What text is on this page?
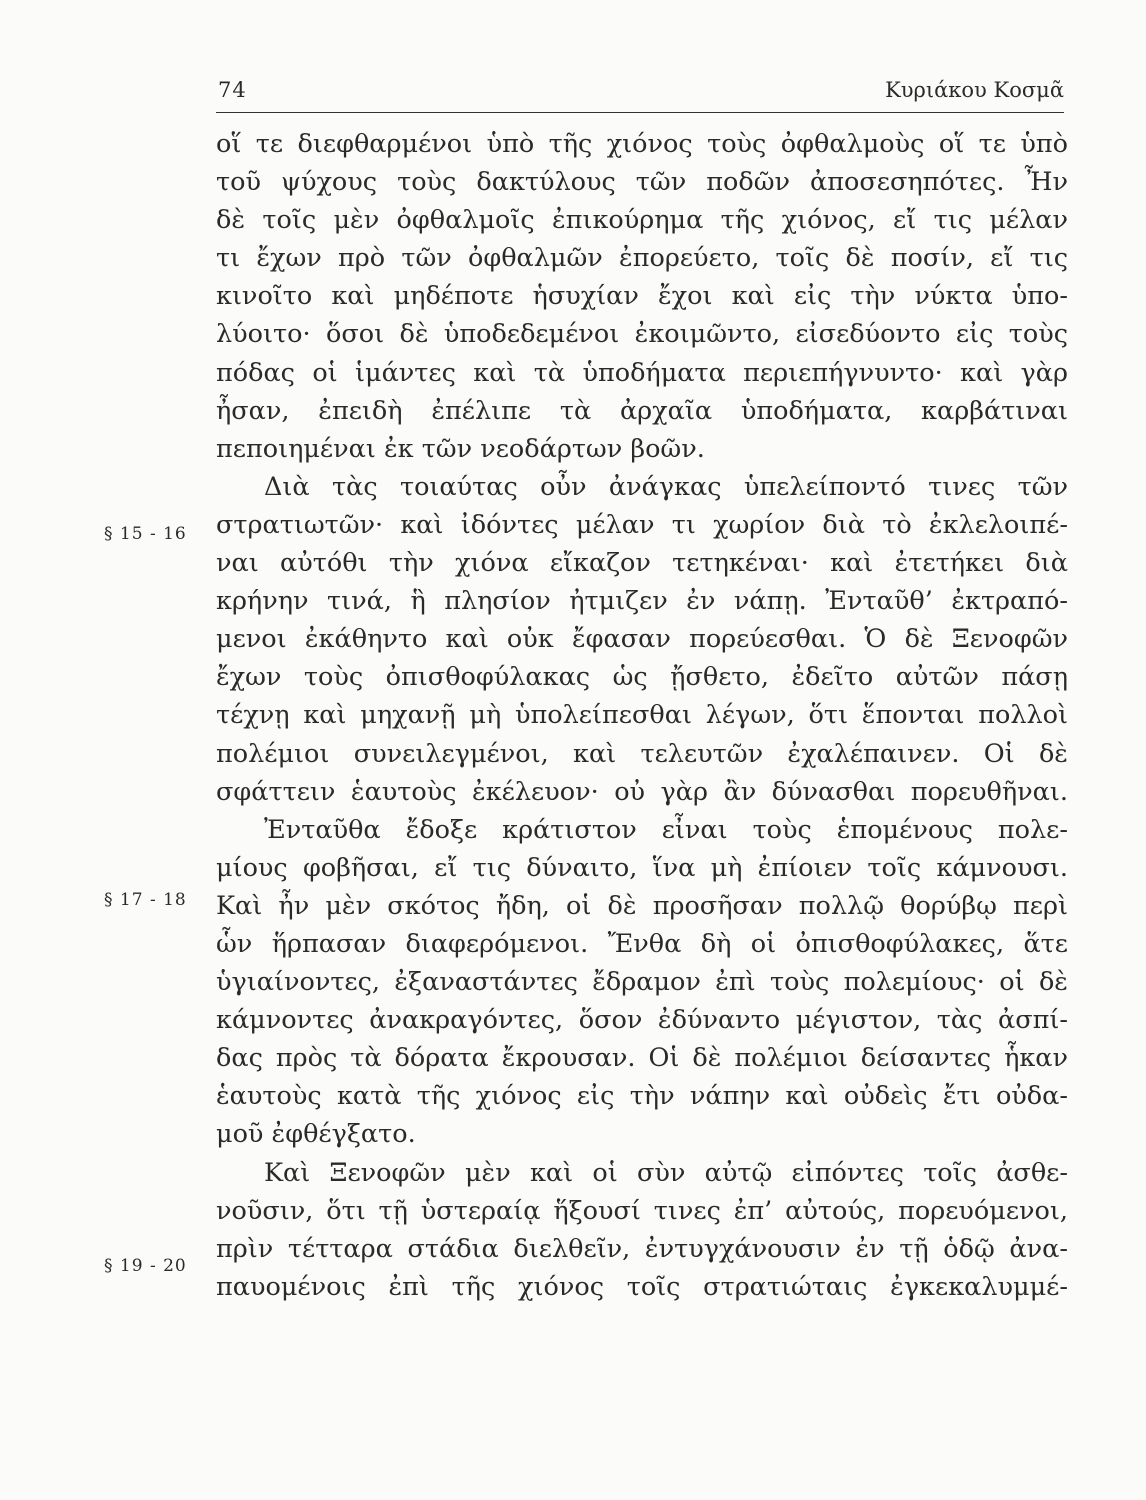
74	Κυριάκου Κοσμᾶ
§ 15 - 16
§ 17 - 18
§ 19 - 20
οἵ τε διεφθαρμένοι ὑπὸ τῆς χιόνος τοὺς ὀφθαλμοὺς οἵ τε ὑπὸ
τοῦ ψύχους τοὺς δακτύλους τῶν ποδῶν ἀποσεσηπότες. Ἦν
δὲ τοῖς μὲν ὀφθαλμοῖς ἐπικούρημα τῆς χιόνος, εἴ τις μέλαν
τι ἔχων πρὸ τῶν ὀφθαλμῶν ἐπορεύετο, τοῖς δὲ ποσίν, εἴ τις
κινοῖτο καὶ μηδέποτε ἡσυχίαν ἔχοι καὶ εἰς τὴν νύκτα ὑπο-
λύοιτο· ὅσοι δὲ ὑποδεδεμένοι ἐκοιμῶντο, εἰσεδύοντο εἰς τοὺς
πόδας οἱ ἱμάντες καὶ τὰ ὑποδήματα περιεπήγνυντο· καὶ γὰρ
ἦσαν, ἐπειδὴ ἐπέλιπε τὰ ἀρχαῖα ὑποδήματα, καρβάτιναι
πεποιημέναι ἐκ τῶν νεοδάρτων βοῶν.
Διὰ τὰς τοιαύτας οὖν ἀνάγκας ὑπελείποντό τινες τῶν
στρατιωτῶν· καὶ ἰδόντες μέλαν τι χωρίον διὰ τὸ ἐκλελοιπέ-
ναι αὐτόθι τὴν χιόνα εἴκαζον τετηκέναι· καὶ ἐτετήκει διὰ
κρήνην τινά, ἣ πλησίον ἠτμιζεν ἐν νάπῃ. Ἐνταῦθ’ ἐκτραπό-
μενοι ἐκάθηντο καὶ οὐκ ἔφασαν πορεύεσθαι. Ὁ δὲ Ξενοφῶν
ἔχων τοὺς ὀπισθοφύλακας ὡς ᾔσθετο, ἐδεῖτο αὐτῶν πάσῃ
τέχνῃ καὶ μηχανῇ μὴ ὑπολείπεσθαι λέγων, ὅτι ἕπονται πολλοὶ
πολέμιοι συνειλεγμένοι, καὶ τελευτῶν ἐχαλέπαινεν. Οἱ δὲ
σφάττειν ἑαυτοὺς ἐκέλευον· οὐ γὰρ ἂν δύνασθαι πορευθῆναι.
Ἐνταῦθα ἔδοξε κράτιστον εἶναι τοὺς ἑπομένους πολε-
μίους φοβῆσαι, εἴ τις δύναιτο, ἵνα μὴ ἐπίοιεν τοῖς κάμνουσι.
Καὶ ἦν μὲν σκότος ἤδη, οἱ δὲ προσῆσαν πολλῷ θορύβῳ περὶ
ὧν ἥρπασαν διαφερόμενοι. Ἔνθα δὴ οἱ ὀπισθοφύλακες, ἅτε
ὑγιαίνοντες, ἐξαναστάντες ἔδραμον ἐπὶ τοὺς πολεμίους· οἱ δὲ
κάμνοντες ἀνακραγόντες, ὅσον ἐδύναντο μέγιστον, τὰς ἀσπί-
δας πρὸς τὰ δόρατα ἔκρουσαν. Οἱ δὲ πολέμιοι δείσαντες ἧκαν
ἑαυτοὺς κατὰ τῆς χιόνος εἰς τὴν νάπην καὶ οὐδεὶς ἔτι οὐδα-
μοῦ ἐφθέγξατο.
Καὶ Ξενοφῶν μὲν καὶ οἱ σὺν αὐτῷ εἰπόντες τοῖς ἀσθε-
νοῦσιν, ὅτι τῇ ὑστεραίᾳ ἥξουσί τινες ἐπ’ αὐτούς, πορευόμενοι,
πρὶν τέτταρα στάδια διελθεῖν, ἐντυγχάνουσιν ἐν τῇ ὁδῷ ἀνα-
παυομένοις ἐπὶ τῆς χιόνος τοῖς στρατιώταις ἐγκεκαλυμμέ-
